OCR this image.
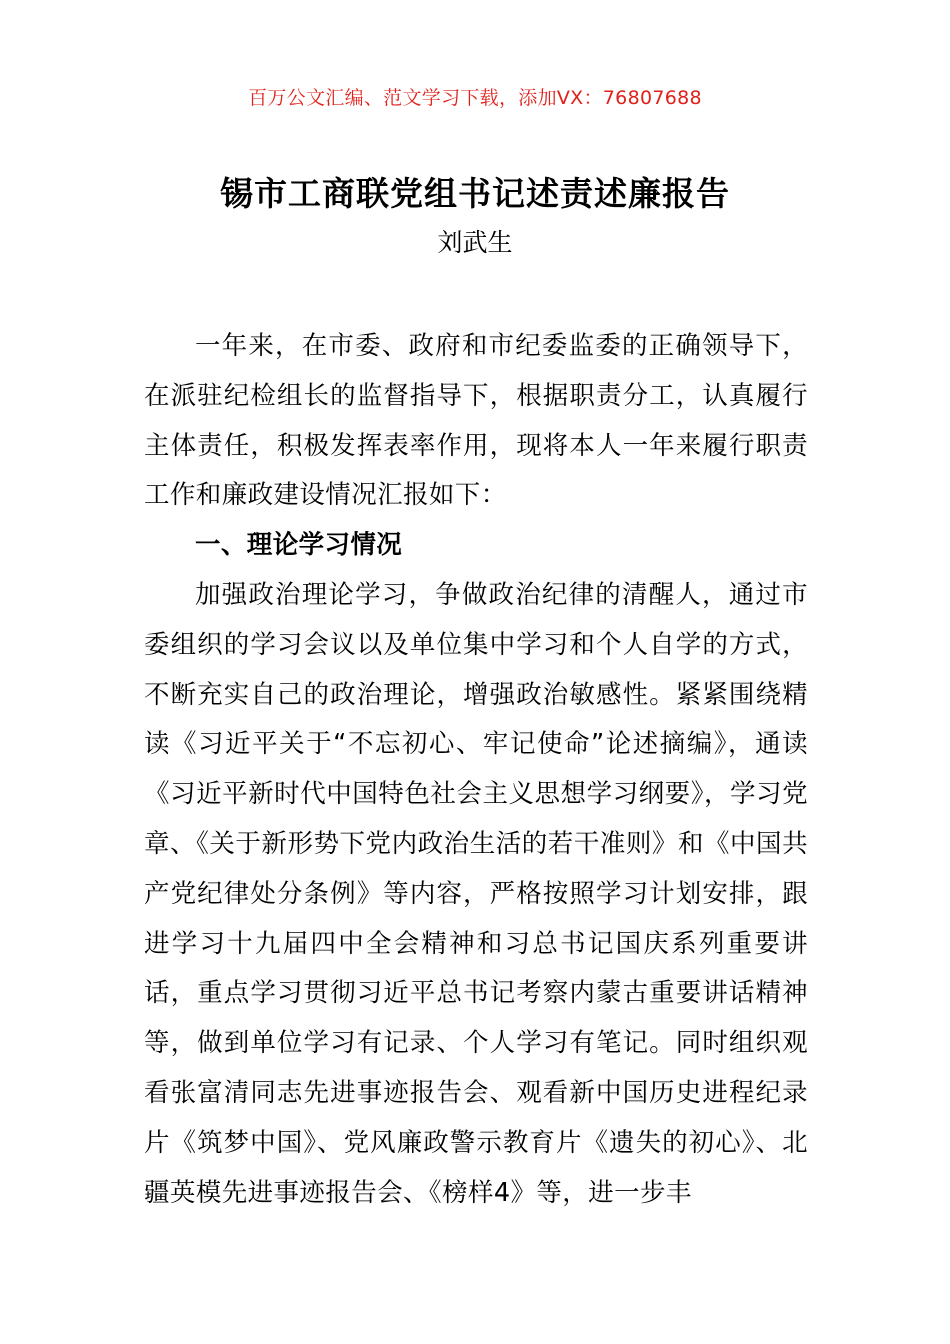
百万公文汇编、范文学习下载，添加VX：76807688
锡市工商联党组书记述责述廉报告
刘武生

一年来，在市委、政府和市纪委监委的正确领导下，在派驻纪检组长的监督指导下，根据职责分工，认真履行主体责任，积极发挥表率作用，现将本人一年来履行职责工作和廉政建设情况汇报如下：

一、理论学习情况

加强政治理论学习，争做政治纪律的清醒人，通过市委组织的学习会议以及单位集中学习和个人自学的方式，不断充实自己的政治理论，增强政治敏感性。紧紧围绕精读《习近平关于“不忘初心、牢记使命”论述摘编》，通读《习近平新时代中国特色社会主义思想学习纲要》，学习党章、《关于新形势下党内政治生活的若干准则》和《中国共产党纪律处分条例》等内容，严格按照学习计划安排，跟进学习十九届四中全会精神和习总书记国庆系列重要讲话，重点学习贯彻习近平总书记考察内蒙古重要讲话精神等，做到单位学习有记录、个人学习有笔记。同时组织观看张富清同志先进事迹报告会、观看新中国历史进程纪录片《筑梦中国》、党风廉政警示教育片《遗失的初心》、北疆英模先进事迹报告会、《榜样4》等，进一步丰
